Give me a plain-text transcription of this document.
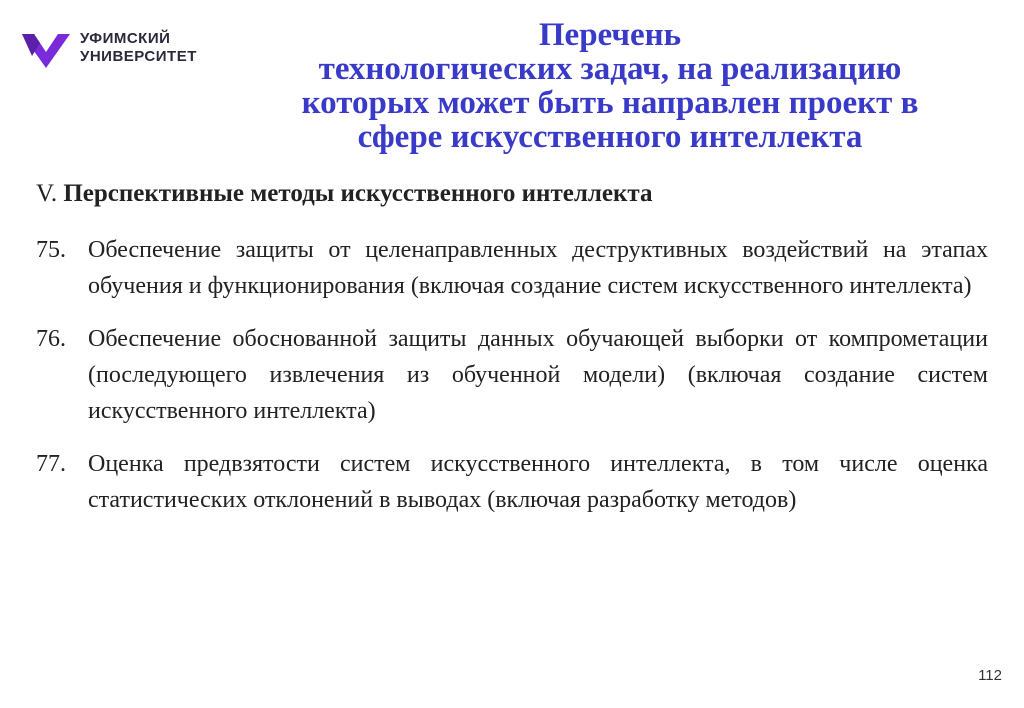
УФИМСКИЙ
УНИВЕРСИТЕТ
Перечень
технологических задач, на реализацию
которых может быть направлен проект в
сфере искусственного интеллекта
V. Перспективные методы искусственного интеллекта
75. Обеспечение защиты от целенаправленных деструктивных воздействий на этапах обучения и функционирования (включая создание систем искусственного интеллекта)
76. Обеспечение обоснованной защиты данных обучающей выборки от компрометации (последующего извлечения из обученной модели) (включая создание систем искусственного интеллекта)
77. Оценка предвзятости систем искусственного интеллекта, в том числе оценка статистических отклонений в выводах (включая разработку методов)
112
